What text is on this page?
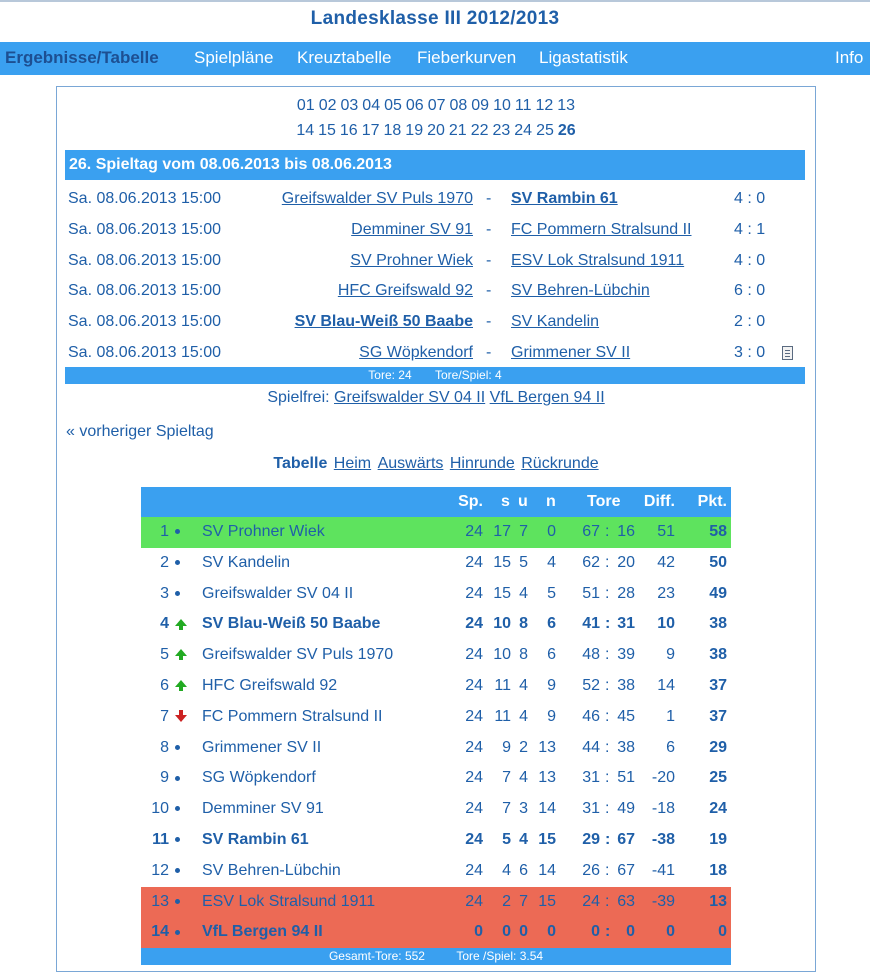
Landesklasse III 2012/2013
Ergebnisse/Tabelle Spielpläne Kreuztabelle Fieberkurven Ligastatistik	Info
01 02 03 04 05 06 07 08 09 10 11 12 13
14 15 16 17 18 19 20 21 22 23 24 25 26
26. Spieltag vom 08.06.2013 bis 08.06.2013
Sa. 08.06.2013 15:00	Greifswalder SV Puls 1970 - SV Rambin 61	4 : 0
Sa. 08.06.2013 15:00	Demminer SV 91 - FC Pommern Stralsund II	4 : 1
Sa. 08.06.2013 15:00	SV Prohner Wiek - ESV Lok Stralsund 1911	4 : 0
Sa. 08.06.2013 15:00	HFC Greifswald 92 - SV Behren-Lübchin	6 : 0
Sa. 08.06.2013 15:00	SV Blau-Weiß 50 Baabe - SV Kandelin	2 : 0
Sa. 08.06.2013 15:00	SG Wöpkendorf - Grimmener SV II	3 : 0
Tore: 24 Tore/Spiel: 4
Spielfrei: Greifswalder SV 04 II VfL Bergen 94 II
« vorheriger Spieltag
Tabelle Heim Auswärts Hinrunde Rückrunde
Sp. s u n Tore Diff. Pkt.
1 SV Prohner Wiek	24 17 7 0 67 : 16 51 58
2 SV Kandelin	24 15 5 4 62 : 20 42 50
3 Greifswalder SV 04 II	24 15 4 5 51 : 28 23 49
4 SV Blau-Weiß 50 Baabe	24 10 8 6 41 : 31 10 38
5 Greifswalder SV Puls 1970	24 10 8 6 48 : 39 9 38
6 HFC Greifswald 92	24 11 4 9 52 : 38 14 37
7 FC Pommern Stralsund II	24 11 4 9 46 : 45 1 37
8 Grimmener SV II	24 9 2 13 44 : 38 6 29
9 SG Wöpkendorf	24 7 4 13 31 : 51 -20 25
10 Demminer SV 91	24 7 3 14 31 : 49 -18 24
11 SV Rambin 61	24 5 4 15 29 : 67 -38 19
12 SV Behren-Lübchin	24 4 6 14 26 : 67 -41 18
13 ESV Lok Stralsund 1911	24 2 7 15 24 : 63 -39 13
14 VfL Bergen 94 II	0 0 0 0 0 : 0 0	0
Gesamt-Tore: 552	Tore /Spiel: 3.54
